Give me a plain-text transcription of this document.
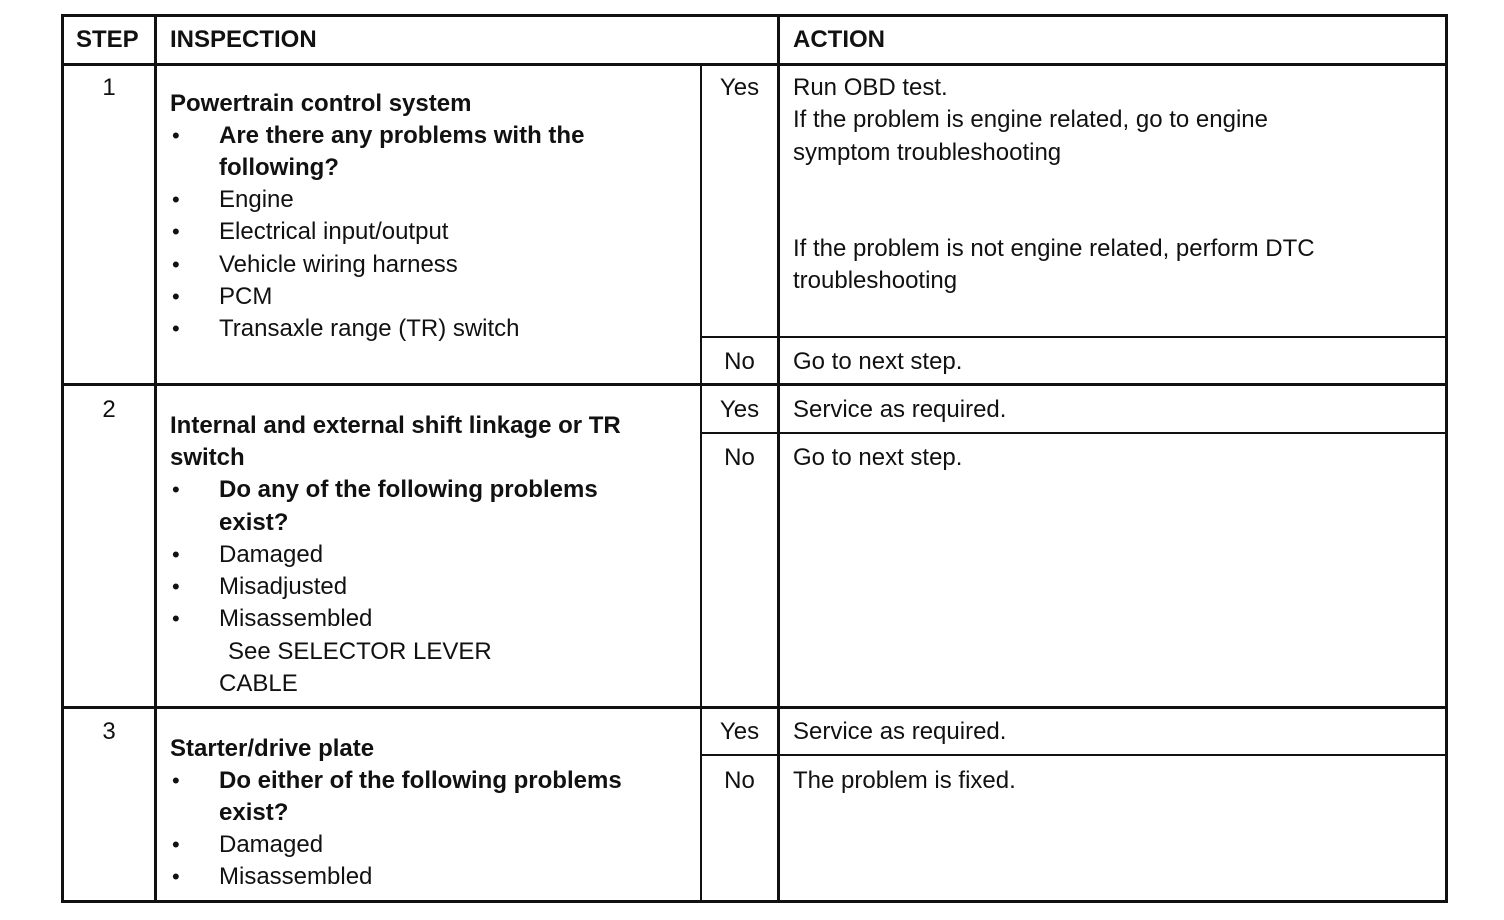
STEP INSPECTION	ACTION
1
Powertrain control system
• Are there any problems with the
following?
• Engine
• Electrical input/output
• Vehicle wiring harness
• PCM
• Transaxle range (TR) switch
Yes	Run OBD test.
If the problem is engine related, go to engine
symptom troubleshooting
If the problem is not engine related, perform DTC
troubleshooting
No	Go to next step.
2
Internal and external shift linkage or TR
switch
• Do any of the following problems
exist?
• Damaged
• Misadjusted
• Misassembled
See SELECTOR LEVER
CABLE
Yes	Service as required.
No	Go to next step.
3
Starter/drive plate
• Do either of the following problems
exist?
• Damaged
• Misassembled
Yes	Service as required.
No	The problem is fixed.
